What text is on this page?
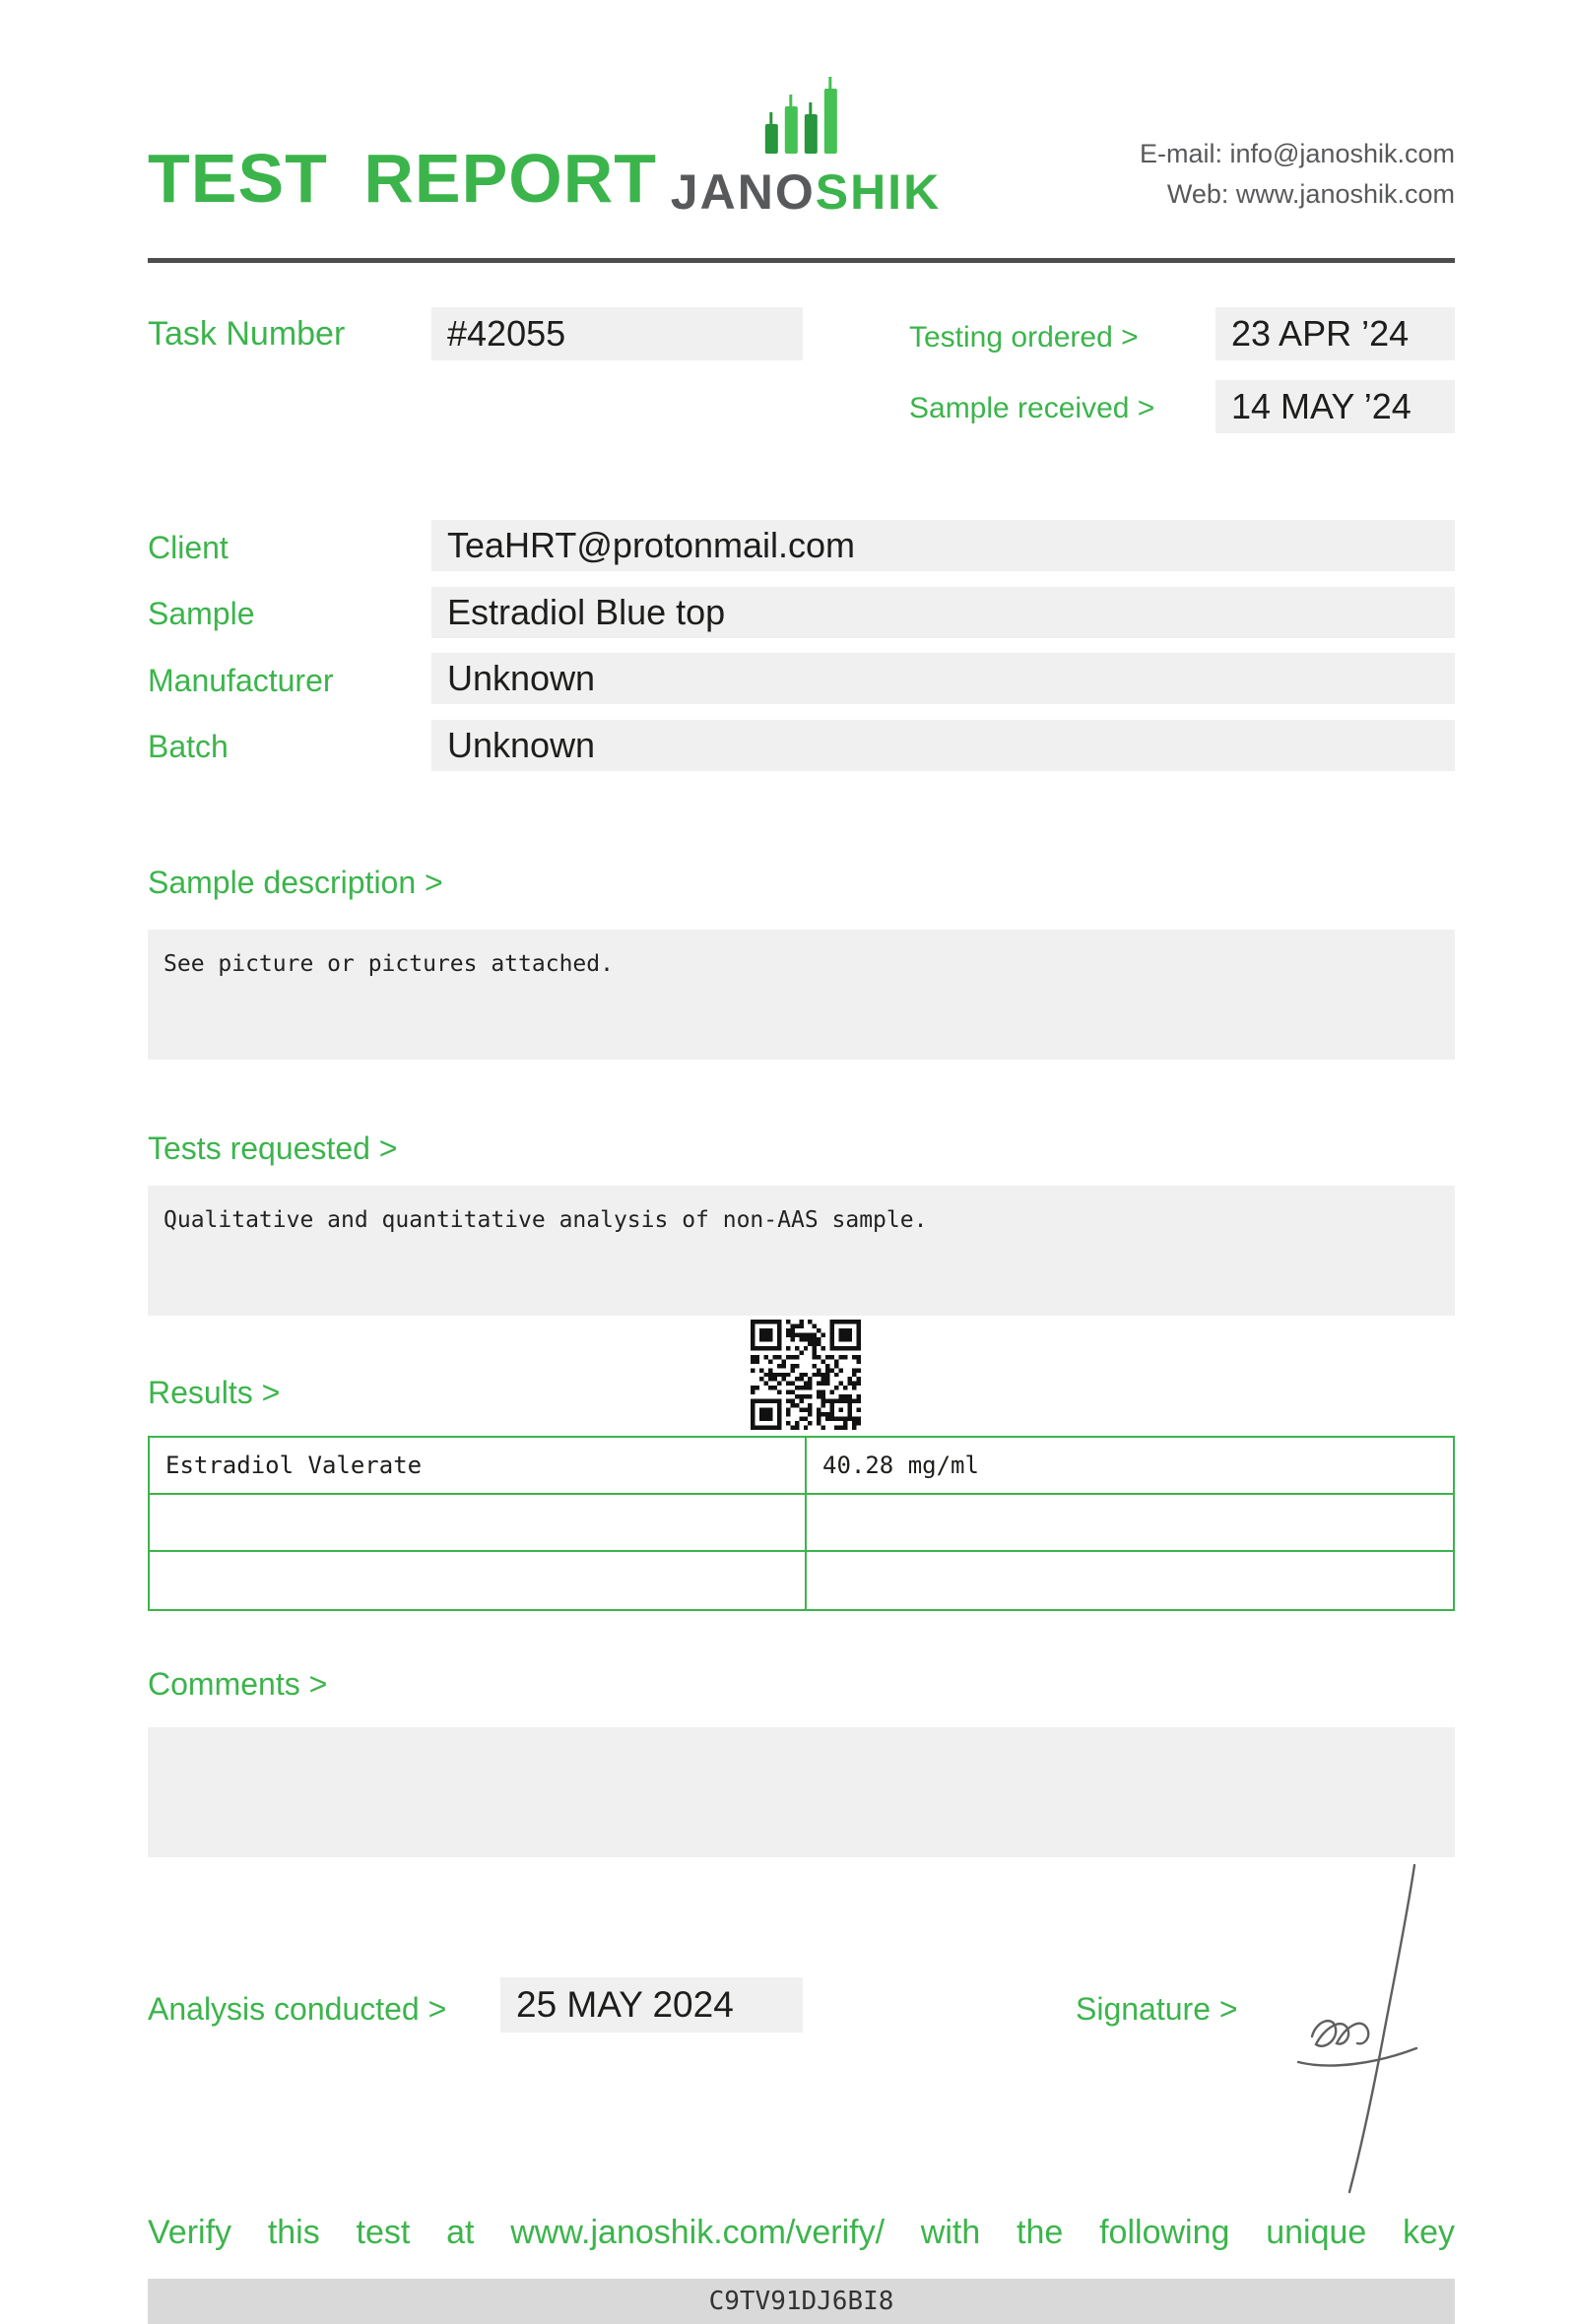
TEST REPORT JANOSHIK
E-mail: info@janoshik.com
Web: www.janoshik.com
Task Number	#42055	Testing ordered >	23 APR ’24
Sample received >	14 MAY ’24
Client	TeaHRT@protonmail.com
Sample	Estradiol Blue top
Manufacturer	Unknown
Batch	Unknown
Sample description >
See picture or pictures attached.
Tests requested >
Qualitative and quantitative analysis of non-AAS sample.
Results >
Estradiol Valerate	40.28 mg/ml
Comments >
Analysis conducted >	25 MAY 2024	Signature >
Verify this test at www.janoshik.com/verify/ with the following unique key
C9TV91DJ6BI8
